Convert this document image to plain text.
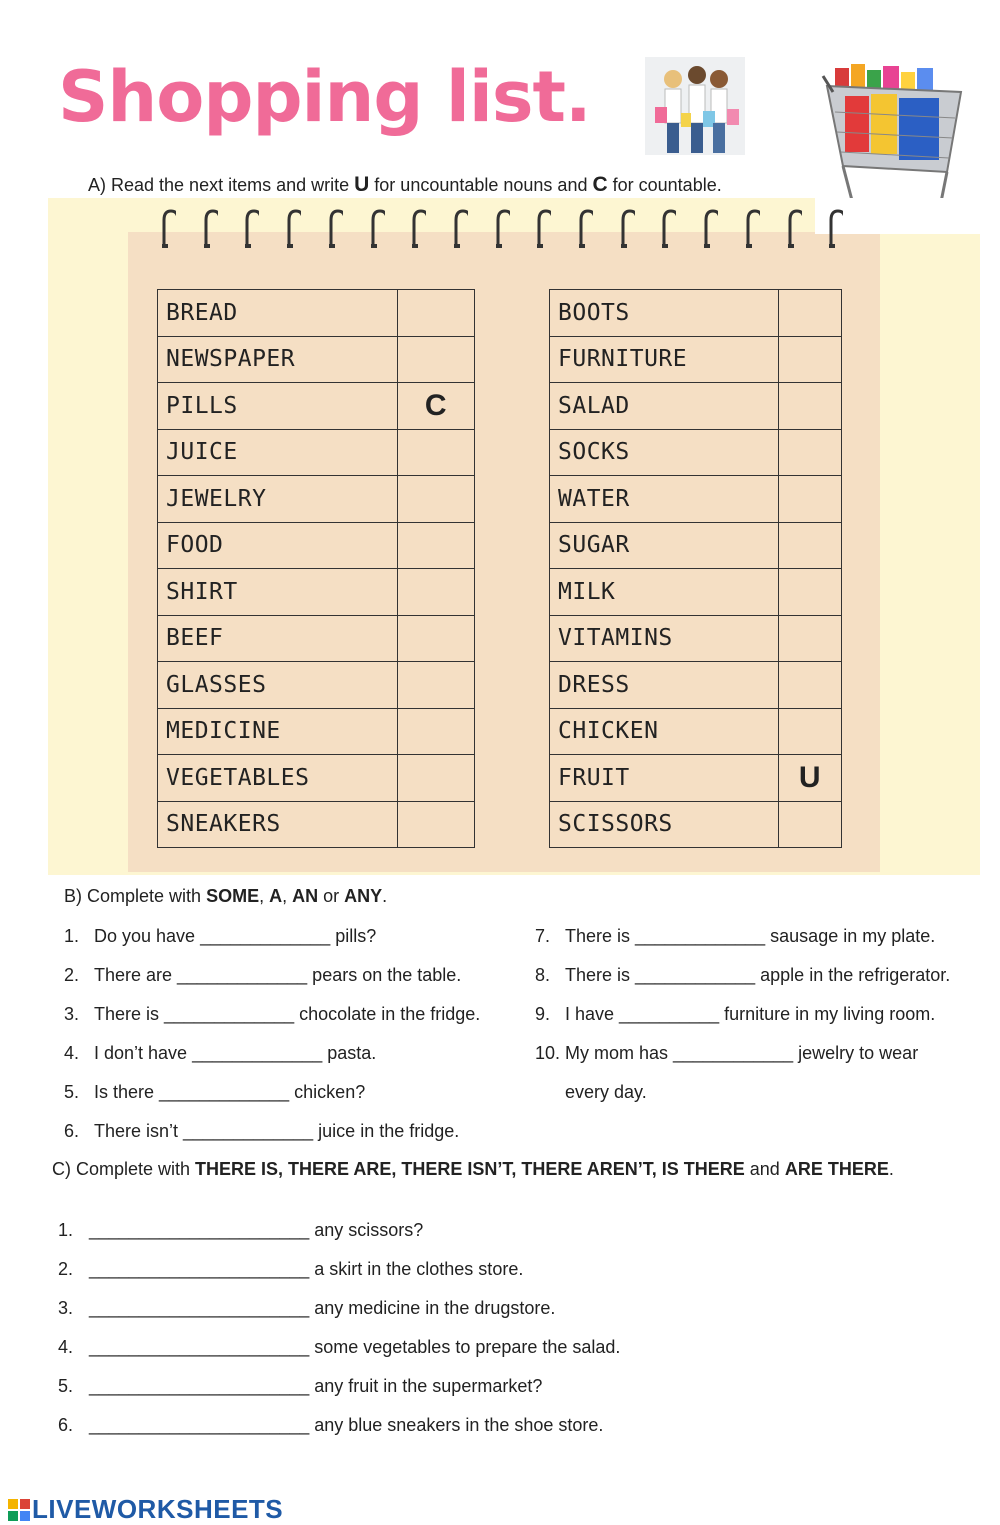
Shopping list.
A) Read the next items and write U for uncountable nouns and C for countable.
BREAD	
NEWSPAPER	
PILLS	C
JUICE	
JEWELRY	
FOOD	
SHIRT	
BEEF	
GLASSES	
MEDICINE	
VEGETABLES	
SNEAKERS	
BOOTS	
FURNITURE	
SALAD	
SOCKS	
WATER	
SUGAR	
MILK	
VITAMINS	
DRESS	
CHICKEN	
FRUIT	U
SCISSORS	
B) Complete with SOME, A, AN or ANY.
1. Do you have _____________ pills?
2. There are _____________ pears on the table.
3. There is _____________ chocolate in the fridge.
4. I don’t have _____________ pasta.
5. Is there _____________ chicken?
6. There isn’t _____________ juice in the fridge.
7. There is _____________ sausage in my plate.
8. There is ____________ apple in the refrigerator.
9. I have __________ furniture in my living room.
10. My mom has ____________ jewelry to wear
every day.
C) Complete with THERE IS, THERE ARE, THERE ISN’T, THERE AREN’T, IS THERE and ARE THERE.
1. ______________________ any scissors?
2. ______________________ a skirt in the clothes store.
3. ______________________ any medicine in the drugstore.
4. ______________________ some vegetables to prepare the salad.
5. ______________________ any fruit in the supermarket?
6. ______________________ any blue sneakers in the shoe store.
LIVEWORKSHEETS
